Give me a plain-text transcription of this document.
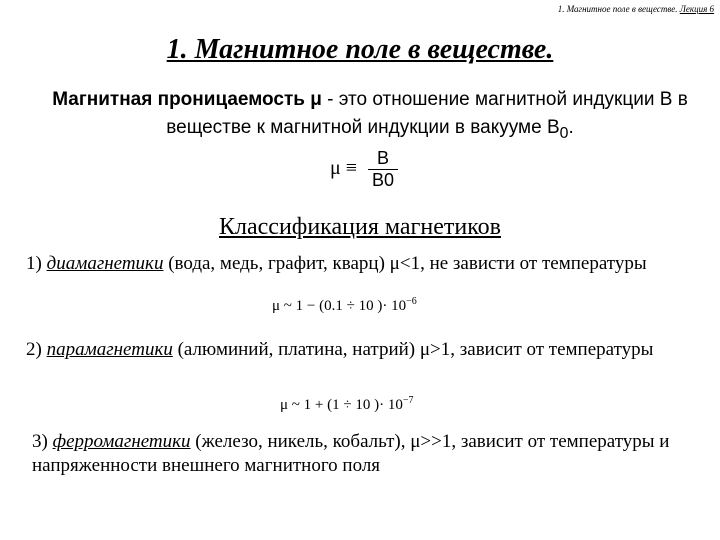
1. Магнитное поле в веществе. Лекция 6
1. Магнитное поле в веществе.
Магнитная проницаемость μ - это отношение магнитной индукции B в веществе к магнитной индукции в вакууме $B_0$.
$\mu \equiv \frac{B}{B0}$
Классификация магнетиков
1) диамагнетики (вода, медь, графит, кварц) μ<1, не зависти от температуры
μ ~ 1 − (0.1 ÷ 10 )· $10^{-6}$
2) парамагнетики (алюминий, платина, натрий) μ>1, зависит от температуры
μ ~ 1 + (1 ÷ 10 )· $10^{-7}$
3) ферромагнетики (железо, никель, кобальт), μ>>1, зависит от температуры и напряженности внешнего магнитного поля
